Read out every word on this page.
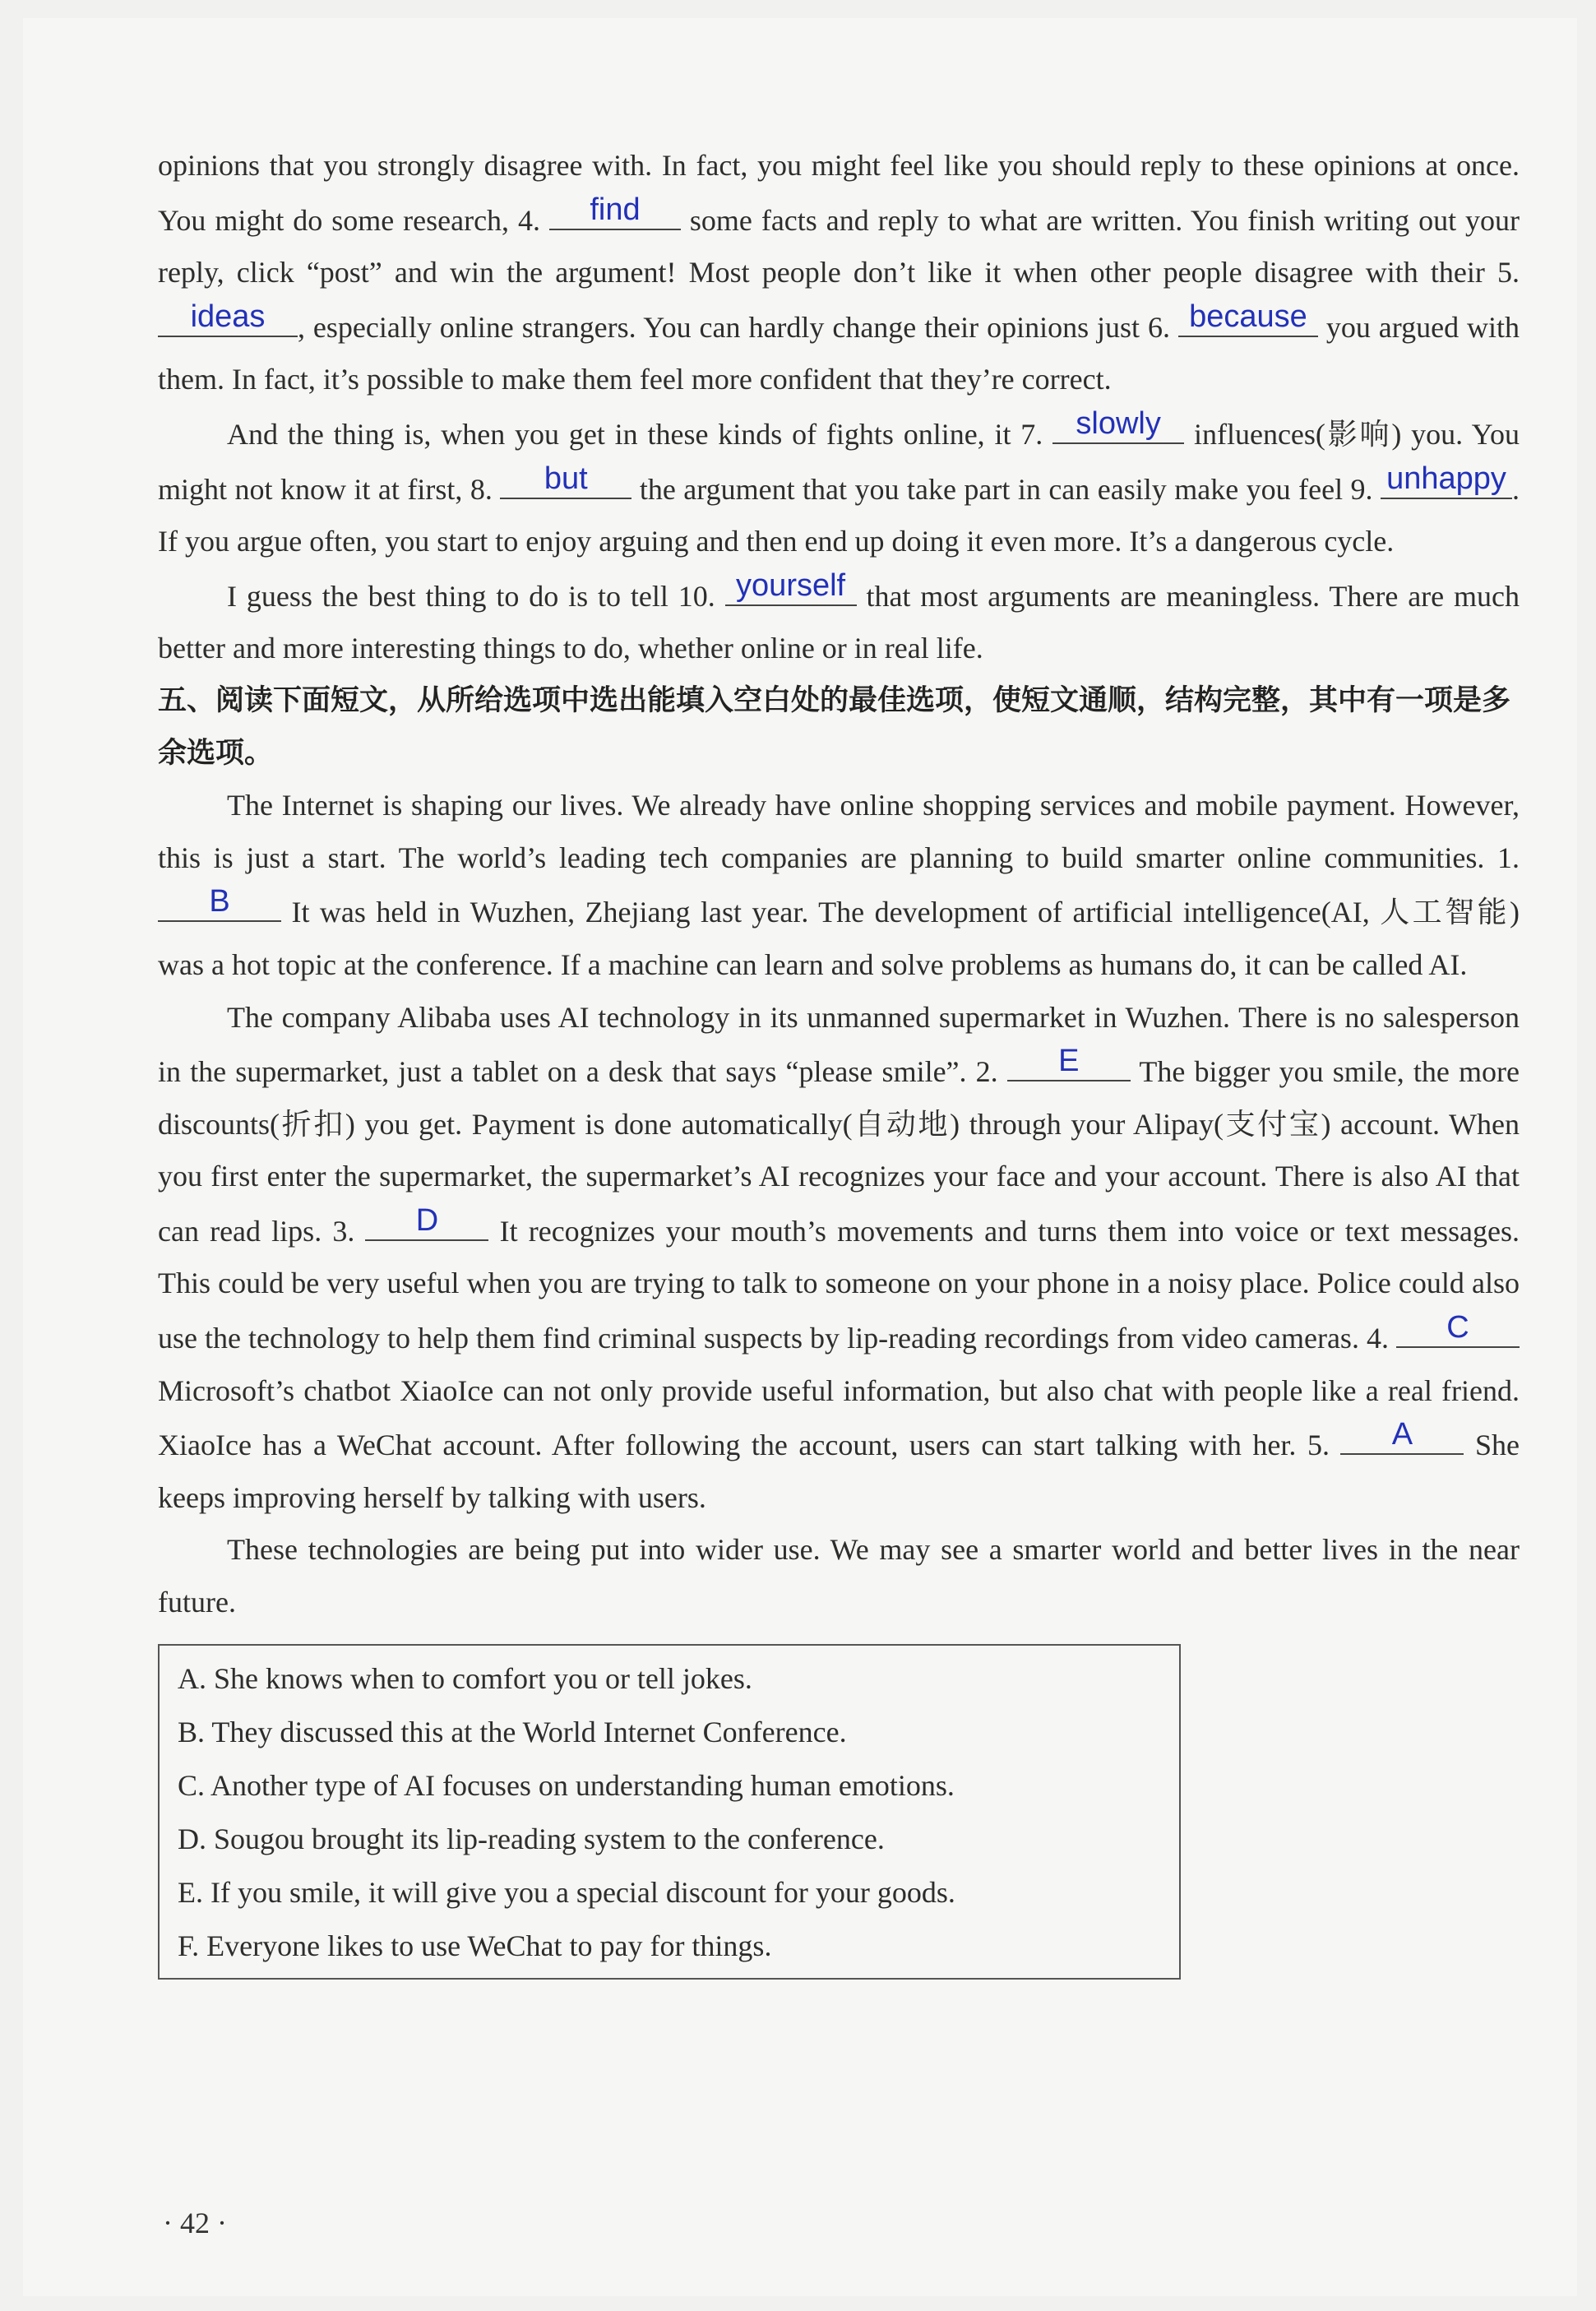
opinions that you strongly disagree with. In fact, you might feel like you should reply to these opinions at once. You might do some research, 4.	find	some facts and reply to what are written. You finish writing out your reply, click “post” and win the argument! Most people don’t like it when other people disagree with their 5.
ideas	, especially online strangers. You can hardly change their opinions just 6. because you argued with them. In fact, it’s possible to make them feel more confident that they’re correct.

And the thing is, when you get in these kinds of fights online, it 7.	slowly	influences(影响) you. You might not know it at first, 8.	but	the argument that you take part in can easily make you feel 9. unhappy . If you argue often, you start to enjoy arguing and then end up doing it even more. It’s a dangerous cycle.

I guess the best thing to do is to tell 10. yourself that most arguments are meaningless. There are much better and more interesting things to do, whether online or in real life.

五、阅读下面短文，从所给选项中选出能填入空白处的最佳选项，使短文通顺，结构完整，其中有一项是多余选项。

The Internet is shaping our lives. We already have online shopping services and mobile payment. However, this is just a start. The world’s leading tech companies are planning to build smarter online communities. 1.
B	It was held in Wuzhen, Zhejiang last year. The development of artificial intelligence(AI, 人工智能) was a hot topic at the conference. If a machine can learn and solve problems as humans do, it can be called AI.

The company Alibaba uses AI technology in its unmanned supermarket in Wuzhen. There is no salesperson in the supermarket, just a tablet on a desk that says “please smile”. 2.	E	The bigger you smile, the more discounts(折扣) you get. Payment is done automatically(自动地) through your Alipay(支付宝) account. When you first enter the supermarket, the supermarket’s AI recognizes your face and your account. There is also AI that can read lips. 3.	D	It recognizes your mouth’s movements and turns them into voice or text messages. This could be very useful when you are trying to talk to someone on your phone in a noisy place. Police could also use the technology to help them find criminal suspects by lip-reading recordings from video cameras. 4.	C
Microsoft’s chatbot XiaoIce can not only provide useful information, but also chat with people like a real friend. XiaoIce has a WeChat account. After following the account, users can start talking with her. 5.	A	She keeps improving herself by talking with users.

These technologies are being put into wider use. We may see a smarter world and better lives in the near future.

A. She knows when to comfort you or tell jokes.
B. They discussed this at the World Internet Conference.
C. Another type of AI focuses on understanding human emotions.
D. Sougou brought its lip-reading system to the conference.
E. If you smile, it will give you a special discount for your goods.
F. Everyone likes to use WeChat to pay for things.
· 42 ·
